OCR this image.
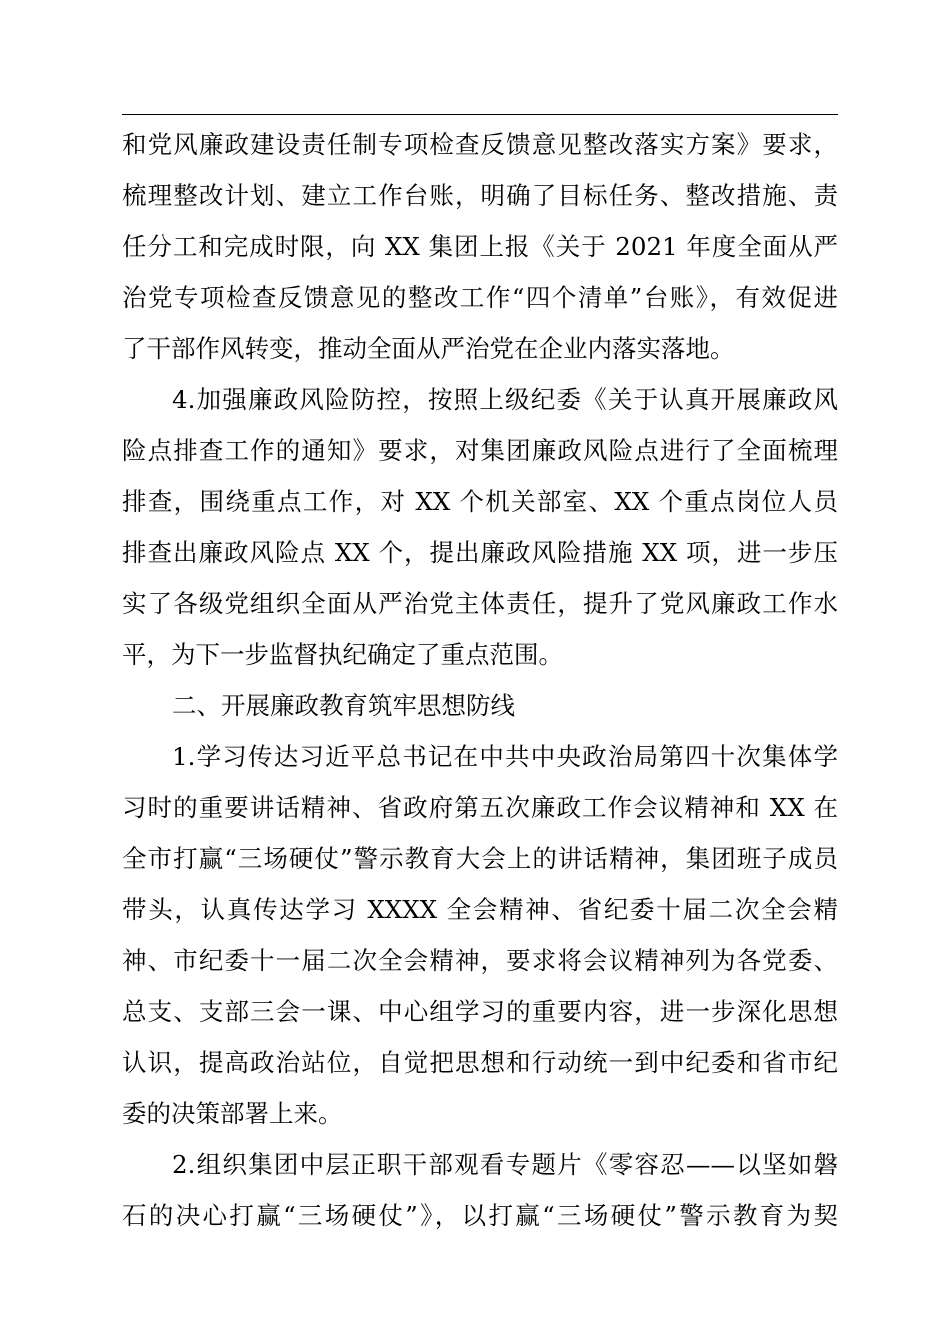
和党风廉政建设责任制专项检查反馈意见整改落实方案》要求，
梳理整改计划、建立工作台账，明确了目标任务、整改措施、责
任分工和完成时限，向 XX 集团上报《关于 2021 年度全面从严
治党专项检查反馈意见的整改工作“四个清单”台账》，有效促进
了干部作风转变，推动全面从严治党在企业内落实落地。
4.加强廉政风险防控，按照上级纪委《关于认真开展廉政风
险点排查工作的通知》要求，对集团廉政风险点进行了全面梳理
排查，围绕重点工作，对 XX 个机关部室、XX 个重点岗位人员
排查出廉政风险点 XX 个，提出廉政风险措施 XX 项，进一步压
实了各级党组织全面从严治党主体责任，提升了党风廉政工作水
平，为下一步监督执纪确定了重点范围。
二、开展廉政教育筑牢思想防线
1.学习传达习近平总书记在中共中央政治局第四十次集体学
习时的重要讲话精神、省政府第五次廉政工作会议精神和 XX 在
全市打赢“三场硬仗”警示教育大会上的讲话精神，集团班子成员
带头，认真传达学习 XXXX 全会精神、省纪委十届二次全会精
神、市纪委十一届二次全会精神，要求将会议精神列为各党委、
总支、支部三会一课、中心组学习的重要内容，进一步深化思想
认识，提高政治站位，自觉把思想和行动统一到中纪委和省市纪
委的决策部署上来。
2.组织集团中层正职干部观看专题片《零容忍——以坚如磐
石的决心打赢“三场硬仗”》，以打赢“三场硬仗”警示教育为契
